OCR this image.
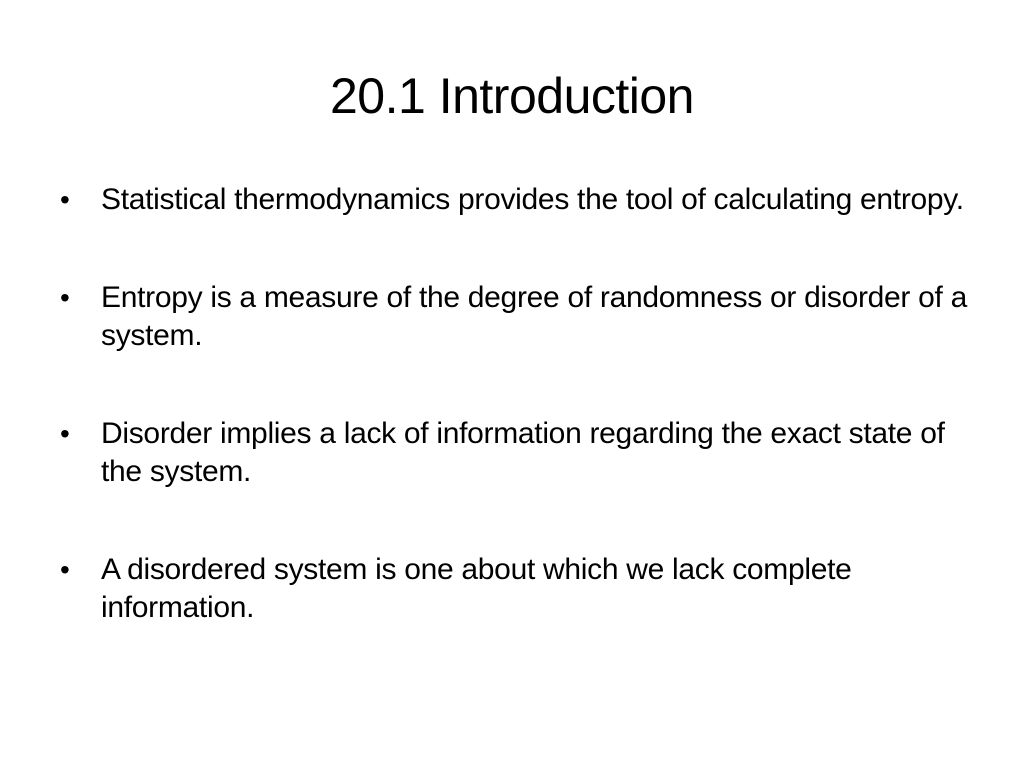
20.1 Introduction
• Statistical thermodynamics provides the tool of calculating entropy.
• Entropy is a measure of the degree of randomness or disorder of a system.
• Disorder implies a lack of information regarding the exact state of the system.
• A disordered system is one about which we lack complete information.
